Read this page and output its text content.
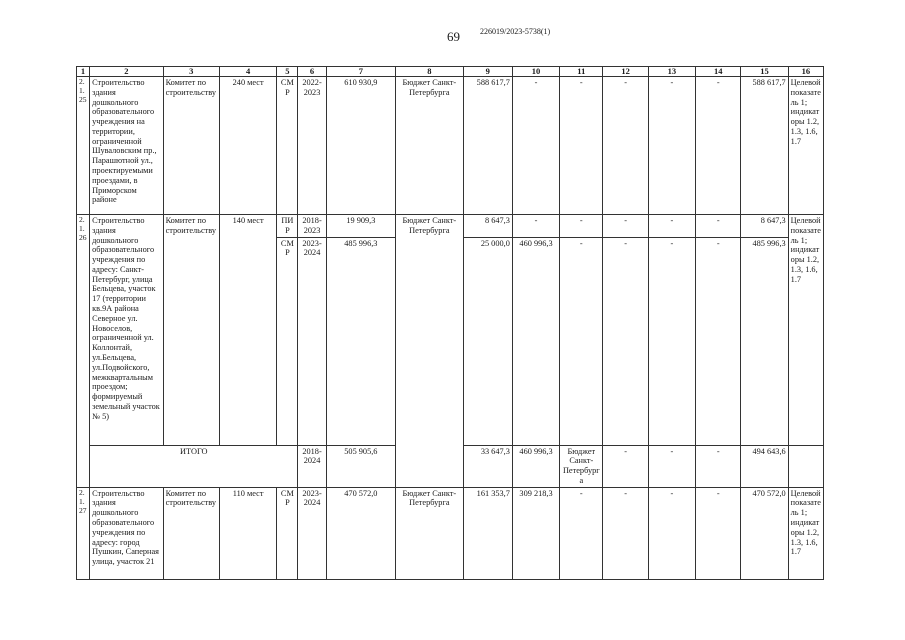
69	226019/2023-5738(1)
1	2	3	4	5	6	7	8	9	10	11	12	13	14	15	16
2.1.25	Строительство здания дошкольного образовательного учреждения на территории, ограниченной Шуваловским пр., Парашютной ул., проектируемыми проездами, в Приморском районе	Комитет по строительству	240 мест	СМР	2022-2023	610 930,9	Бюджет Санкт-Петербурга	588 617,7	-	-	-	-	-	588 617,7	Целевой показатель 1; индикаторы 1.2, 1.3, 1.6, 1.7
2.1.26	Строительство здания дошкольного образовательного учреждения по адресу: Санкт-Петербург, улица Бельцева, участок 17 (территории кв.9А района Северное ул. Новоселов, ограниченной ул. Коллонтай, ул.Бельцева, ул.Подвойского, межквартальным проездом; формируемый земельный участок № 5)	Комитет по строительству	140 мест	ПИР	2018-2023	19 909,3	Бюджет Санкт-Петербурга	8 647,3	-	-	-	-	-	8 647,3	Целевой показатель 1; индикаторы 1.2, 1.3, 1.6, 1.7
				СМР	2023-2024	485 996,3		25 000,0	460 996,3	-	-	-	-	485 996,3	
	ИТОГО				2018-2024	505 905,6		33 647,3	460 996,3	Бюджет Санкт-Петербурга	-	-	-	494 643,6	
2.1.27	Строительство здания дошкольного образовательного учреждения по адресу: город Пушкин, Саперная улица, участок 21	Комитет по строительству	110 мест	СМР	2023-2024	470 572,0	Бюджет Санкт-Петербурга	161 353,7	309 218,3	-	-	-	-	470 572,0	Целевой показатель 1; индикаторы 1.2, 1.3, 1.6, 1.7
